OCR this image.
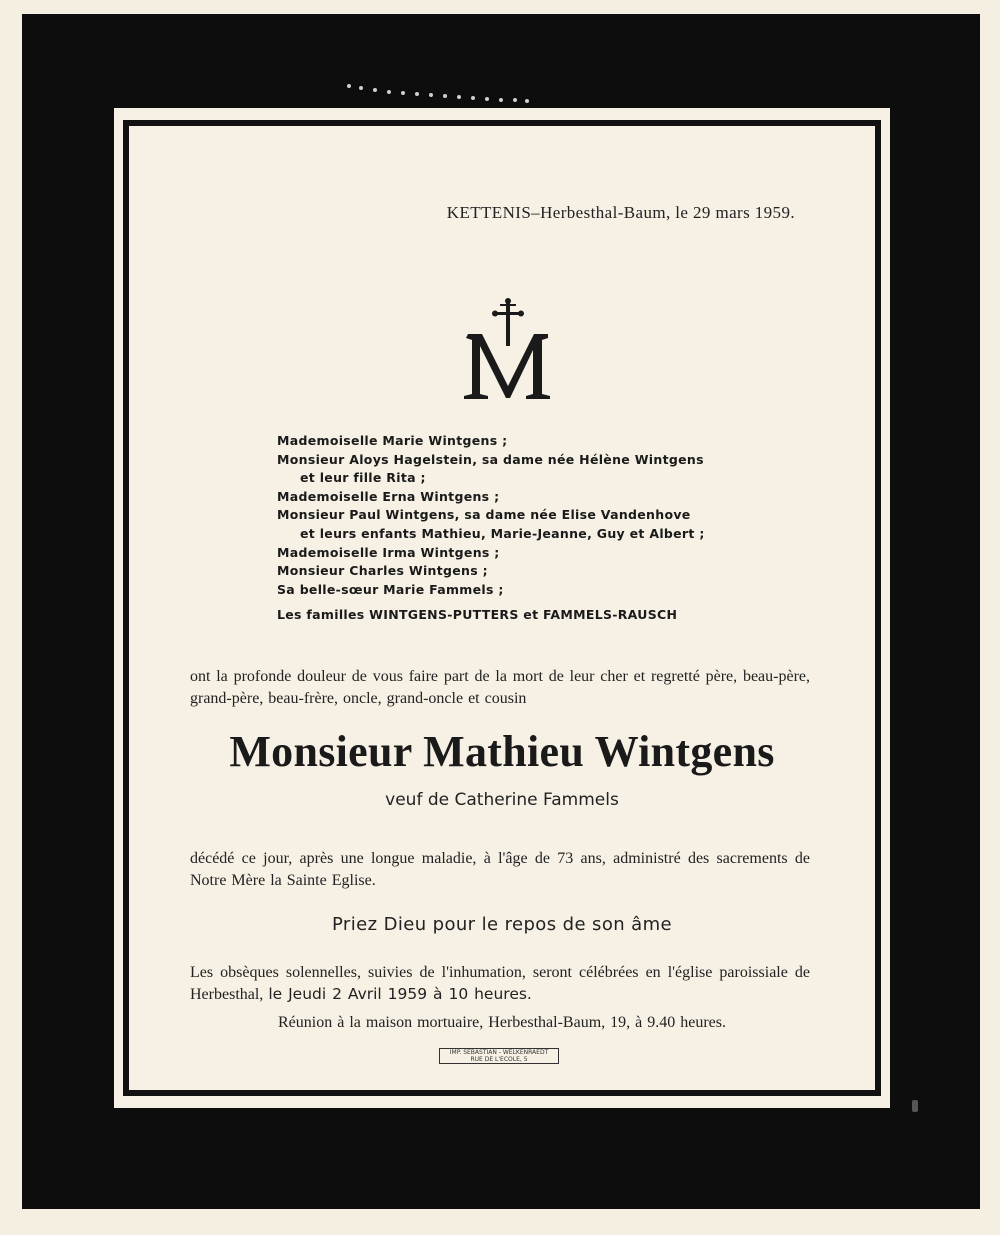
KETTENIS–Herbesthal-Baum, le 29 mars 1959.
Mademoiselle Marie Wintgens ;
Monsieur Aloys Hagelstein, sa dame née Hélène Wintgens
et leur fille Rita ;
Mademoiselle Erna Wintgens ;
Monsieur Paul Wintgens, sa dame née Elise Vandenhove
et leurs enfants Mathieu, Marie-Jeanne, Guy et Albert ;
Mademoiselle Irma Wintgens ;
Monsieur Charles Wintgens ;
Sa belle-sœur Marie Fammels ;
Les familles WINTGENS-PUTTERS et FAMMELS-RAUSCH
ont la profonde douleur de vous faire part de la mort de leur cher et regretté père, beau-père, grand-père, beau-frère, oncle, grand-oncle et cousin
Monsieur Mathieu Wintgens
veuf de Catherine Fammels
décédé ce jour, après une longue maladie, à l'âge de 73 ans, administré des sacrements de Notre Mère la Sainte Eglise.
Priez Dieu pour le repos de son âme
Les obsèques solennelles, suivies de l'inhumation, seront célébrées en l'église paroissiale de Herbesthal, le Jeudi 2 Avril 1959 à 10 heures.
Réunion à la maison mortuaire, Herbesthal-Baum, 19, à 9.40 heures.
IMP. SEBASTIAN - WELKENRAEDT
RUE DE L'ECOLE, 5
